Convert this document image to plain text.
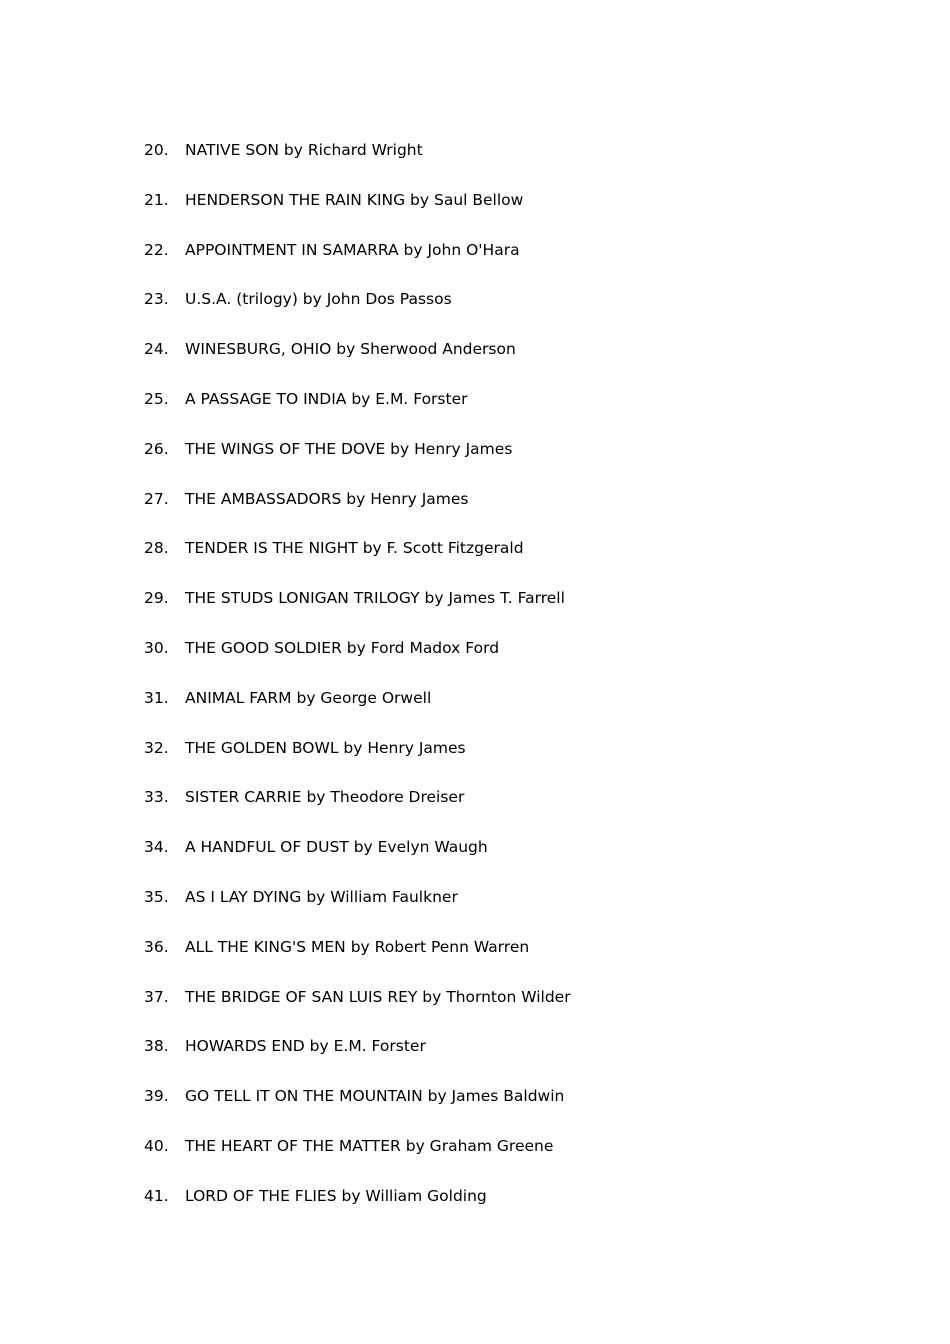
20.	NATIVE SON by Richard Wright
21.	HENDERSON THE RAIN KING by Saul Bellow
22.	APPOINTMENT IN SAMARRA by John O'Hara
23.	U.S.A. (trilogy) by John Dos Passos
24.	WINESBURG, OHIO by Sherwood Anderson
25.	A PASSAGE TO INDIA by E.M. Forster
26.	THE WINGS OF THE DOVE by Henry James
27.	THE AMBASSADORS by Henry James
28.	TENDER IS THE NIGHT by F. Scott Fitzgerald
29.	THE STUDS LONIGAN TRILOGY by James T. Farrell
30.	THE GOOD SOLDIER by Ford Madox Ford
31.	ANIMAL FARM by George Orwell
32.	THE GOLDEN BOWL by Henry James
33.	SISTER CARRIE by Theodore Dreiser
34.	A HANDFUL OF DUST by Evelyn Waugh
35.	AS I LAY DYING by William Faulkner
36.	ALL THE KING'S MEN by Robert Penn Warren
37.	THE BRIDGE OF SAN LUIS REY by Thornton Wilder
38.	HOWARDS END by E.M. Forster
39.	GO TELL IT ON THE MOUNTAIN by James Baldwin
40.	THE HEART OF THE MATTER by Graham Greene
41.	LORD OF THE FLIES by William Golding
